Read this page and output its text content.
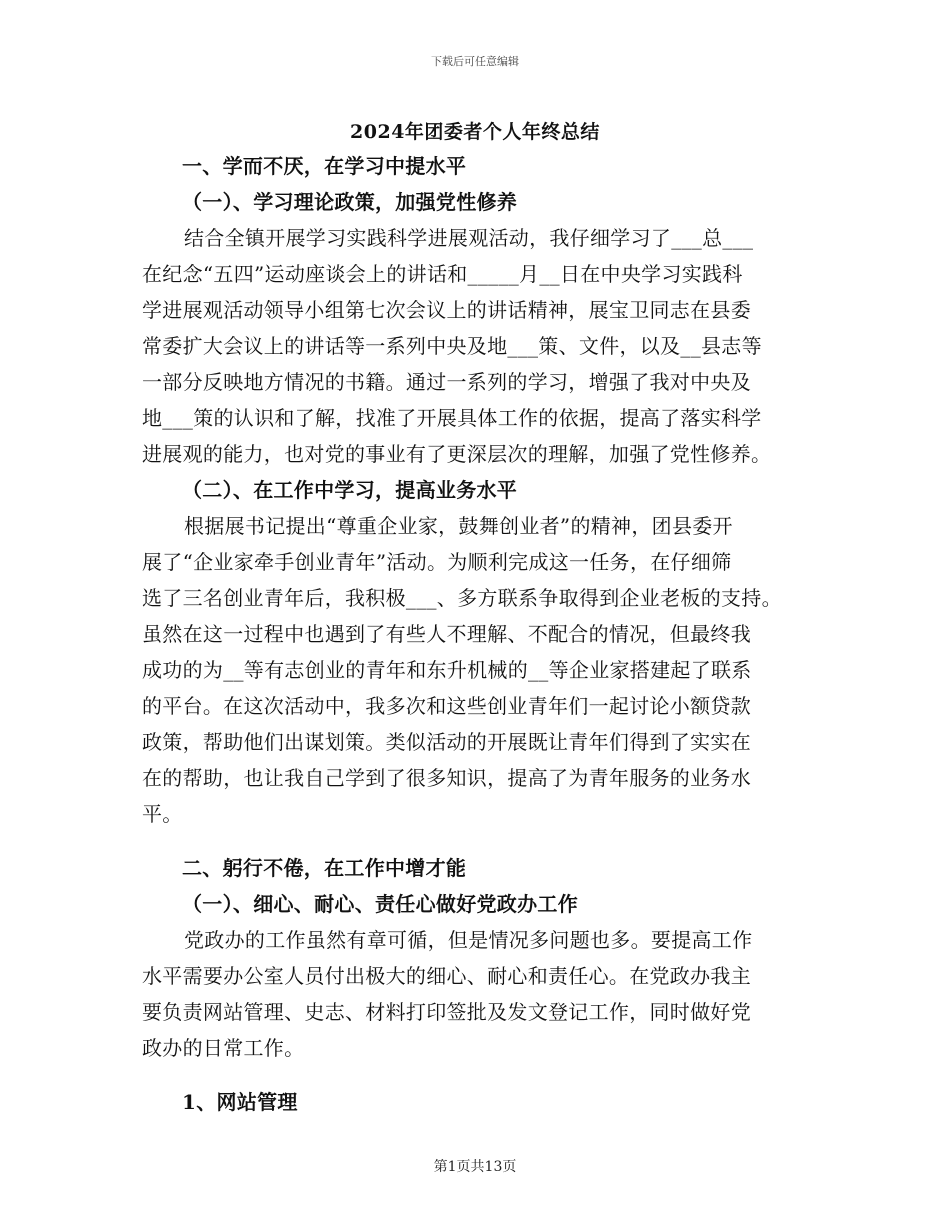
下载后可任意编辑
2024年团委者个人年终总结
一、学而不厌，在学习中提水平
（一）、学习理论政策，加强党性修养
结合全镇开展学习实践科学进展观活动，我仔细学习了___总___
在纪念“五四”运动座谈会上的讲话和_____月__日在中央学习实践科
学进展观活动领导小组第七次会议上的讲话精神，展宝卫同志在县委
常委扩大会议上的讲话等一系列中央及地___策、文件，以及__县志等
一部分反映地方情况的书籍。通过一系列的学习，增强了我对中央及
地___策的认识和了解，找准了开展具体工作的依据，提高了落实科学
进展观的能力，也对党的事业有了更深层次的理解，加强了党性修养。
（二）、在工作中学习，提高业务水平
根据展书记提出“尊重企业家，鼓舞创业者”的精神，团县委开
展了“企业家牵手创业青年”活动。为顺利完成这一任务，在仔细筛
选了三名创业青年后，我积极___、多方联系争取得到企业老板的支持。
虽然在这一过程中也遇到了有些人不理解、不配合的情况，但最终我
成功的为__等有志创业的青年和东升机械的__等企业家搭建起了联系
的平台。在这次活动中，我多次和这些创业青年们一起讨论小额贷款
政策，帮助他们出谋划策。类似活动的开展既让青年们得到了实实在
在的帮助，也让我自己学到了很多知识，提高了为青年服务的业务水
平。
二、躬行不倦，在工作中增才能
（一）、细心、耐心、责任心做好党政办工作
党政办的工作虽然有章可循，但是情况多问题也多。要提高工作
水平需要办公室人员付出极大的细心、耐心和责任心。在党政办我主
要负责网站管理、史志、材料打印签批及发文登记工作，同时做好党
政办的日常工作。
1、网站管理
第1页共13页
